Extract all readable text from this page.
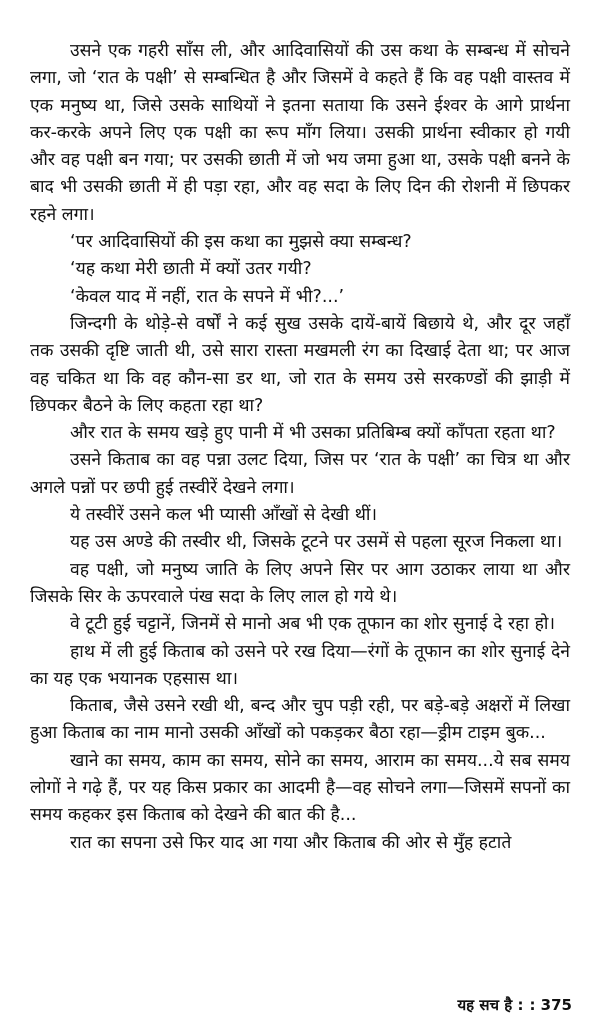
उसने एक गहरी साँस ली, और आदिवासियों की उस कथा के सम्बन्ध में सोचने लगा, जो ‘रात के पक्षी’ से सम्बन्धित है और जिसमें वे कहते हैं कि वह पक्षी वास्तव में एक मनुष्य था, जिसे उसके साथियों ने इतना सताया कि उसने ईश्वर के आगे प्रार्थना कर-करके अपने लिए एक पक्षी का रूप माँग लिया। उसकी प्रार्थना स्वीकार हो गयी और वह पक्षी बन गया; पर उसकी छाती में जो भय जमा हुआ था, उसके पक्षी बनने के बाद भी उसकी छाती में ही पड़ा रहा, और वह सदा के लिए दिन की रोशनी में छिपकर रहने लगा।

‘पर आदिवासियों की इस कथा का मुझसे क्या सम्बन्ध?

‘यह कथा मेरी छाती में क्यों उतर गयी?

‘केवल याद में नहीं, रात के सपने में भी?...’

जिन्दगी के थोड़े-से वर्षों ने कई सुख उसके दायें-बायें बिछाये थे, और दूर जहाँ तक उसकी दृष्टि जाती थी, उसे सारा रास्ता मखमली रंग का दिखाई देता था; पर आज वह चकित था कि वह कौन-सा डर था, जो रात के समय उसे सरकण्डों की झाड़ी में छिपकर बैठने के लिए कहता रहा था?

और रात के समय खड़े हुए पानी में भी उसका प्रतिबिम्ब क्यों काँपता रहता था?

उसने किताब का वह पन्ना उलट दिया, जिस पर ‘रात के पक्षी’ का चित्र था और अगले पन्नों पर छपी हुई तस्वीरें देखने लगा।

ये तस्वीरें उसने कल भी प्यासी आँखों से देखी थीं।

यह उस अण्डे की तस्वीर थी, जिसके टूटने पर उसमें से पहला सूरज निकला था।

वह पक्षी, जो मनुष्य जाति के लिए अपने सिर पर आग उठाकर लाया था और जिसके सिर के ऊपरवाले पंख सदा के लिए लाल हो गये थे।

वे टूटी हुई चट्टानें, जिनमें से मानो अब भी एक तूफान का शोर सुनाई दे रहा हो।

हाथ में ली हुई किताब को उसने परे रख दिया—रंगों के तूफान का शोर सुनाई देने का यह एक भयानक एहसास था।

किताब, जैसे उसने रखी थी, बन्द और चुप पड़ी रही, पर बड़े-बड़े अक्षरों में लिखा हुआ किताब का नाम मानो उसकी आँखों को पकड़कर बैठा रहा—ड्रीम टाइम बुक...

खाने का समय, काम का समय, सोने का समय, आराम का समय...ये सब समय लोगों ने गढ़े हैं, पर यह किस प्रकार का आदमी है—वह सोचने लगा—जिसमें सपनों का समय कहकर इस किताब को देखने की बात की है...

रात का सपना उसे फिर याद आ गया और किताब की ओर से मुँह हटाते

यह सच है : : 375
